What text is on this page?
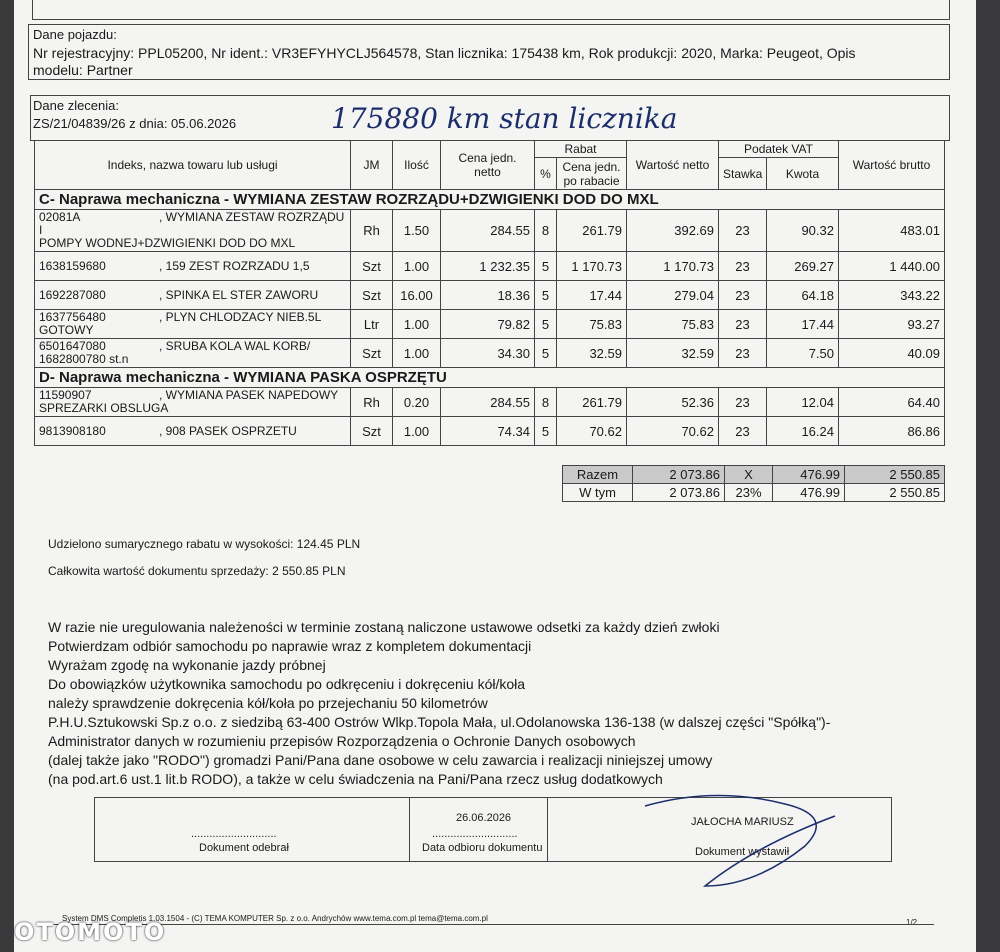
Dane pojazdu:
Nr rejestracyjny: PPL05200, Nr ident.: VR3EFYHYCLJ564578, Stan licznika: 175438 km, Rok produkcji: 2020, Marka: Peugeot, Opis
modelu: Partner
Dane zlecenia:
ZS/21/04839/26 z dnia: 05.06.2026	175880 km stan licznika
Indeks, nazwa towaru lub usługi	JM	Ilość	Cena jedn. netto	Rabat		Wartość netto	Podatek VAT		Wartość brutto
				%	Cena jedn. po rabacie		Stawka	Kwota	
C- Naprawa mechaniczna - WYMIANA ZESTAW ROZRZĄDU+DZWIGIENKI DOD DO MXL									
02081A , WYMIANA ZESTAW ROZRZĄDU I
POMPY WODNEJ+DZWIGIENKI DOD DO MXL	Rh	1.50	284.55	8	261.79	392.69	23	90.32	483.01
1638159680 , 159 ZEST ROZRZADU 1,5	Szt	1.00	1 232.35	5	1 170.73	1 170.73	23	269.27	1 440.00
1692287080 , SPINKA EL STER ZAWORU	Szt	16.00	18.36	5	17.44	279.04	23	64.18	343.22
1637756480 , PLYN CHLODZACY NIEB.5L
GOTOWY	Ltr	1.00	79.82	5	75.83	75.83	23	17.44	93.27
6501647080 , SRUBA KOLA WAL KORB/
1682800780 st.n	Szt	1.00	34.30	5	32.59	32.59	23	7.50	40.09
D- Naprawa mechaniczna - WYMIANA PASKA OSPRZĘTU									
11590907 , WYMIANA PASEK NAPEDOWY
SPREZARKI OBSLUGA	Rh	0.20	284.55	8	261.79	52.36	23	12.04	64.40
9813908180 , 908 PASEK OSPRZETU	Szt	1.00	74.34	5	70.62	70.62	23	16.24	86.86
Razem	2 073.86	X	476.99	2 550.85
W tym	2 073.86	23%	476.99	2 550.85
Udzielono sumarycznego rabatu w wysokości: 124.45 PLN
Całkowita wartość dokumentu sprzedaży: 2 550.85 PLN
W razie nie uregulowania należeności w terminie zostaną naliczone ustawowe odsetki za każdy dzień zwłoki
Potwierdzam odbiór samochodu po naprawie wraz z kompletem dokumentacji
Wyrażam zgodę na wykonanie jazdy próbnej
Do obowiązków użytkownika samochodu po odkręceniu i dokręceniu kół/koła
należy sprawdzenie dokręcenia kół/koła po przejechaniu 50 kilometrów
P.H.U.Sztukowski Sp.z o.o. z siedzibą 63-400 Ostrów Wlkp.Topola Mała, ul.Odolanowska 136-138 (w dalszej części "Spółką")-
Administrator danych w rozumieniu przepisów Rozporządzenia o Ochronie Danych osobowych
(dalej także jako "RODO") gromadzi Pani/Pana dane osobowe w celu zawarcia i realizacji niniejszej umowy
(na pod.art.6 ust.1 lit.b RODO), a także w celu świadczenia na Pani/Pana rzecz usług dodatkowych
............................
Dokument odebrał
26.06.2026
............................
Data odbioru dokumentu
JAŁOCHA MARIUSZ
Dokument wystawił
System DMS Completis 1.03.1504 - (C) TEMA KOMPUTER Sp. z o.o. Andrychów www.tema.com.pl tema@tema.com.pl	1/2
OTOMOTO
